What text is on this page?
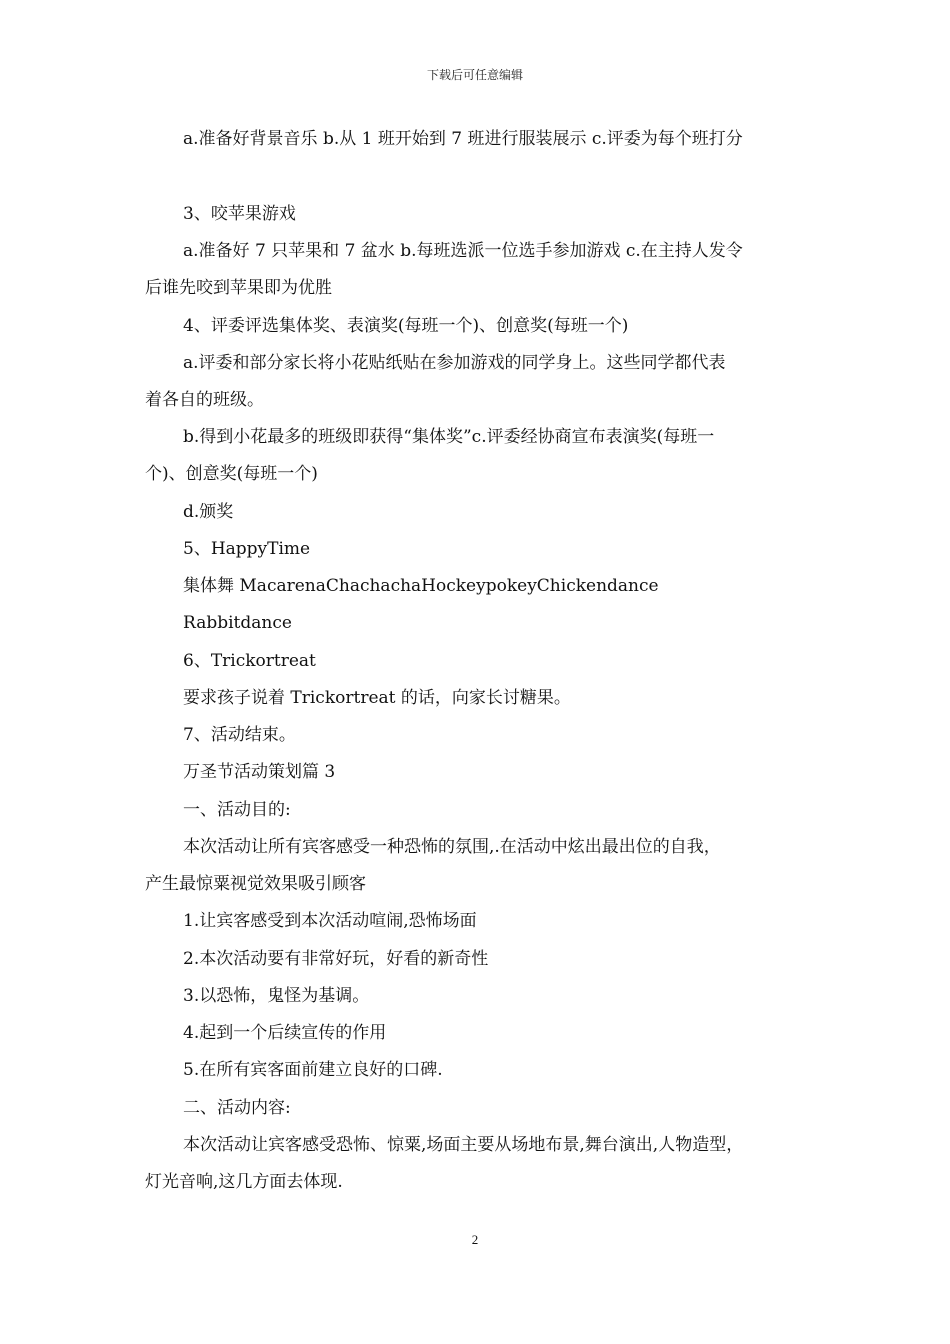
下载后可任意编辑
a.准备好背景音乐 b.从 1 班开始到 7 班进行服装展示 c.评委为每个班打分
3、咬苹果游戏
a.准备好 7 只苹果和 7 盆水 b.每班选派一位选手参加游戏 c.在主持人发令
后谁先咬到苹果即为优胜
4、评委评选集体奖、表演奖(每班一个)、创意奖(每班一个)
a.评委和部分家长将小花贴纸贴在参加游戏的同学身上。这些同学都代表
着各自的班级。
b.得到小花最多的班级即获得“集体奖”c.评委经协商宣布表演奖(每班一
个)、创意奖(每班一个)
d.颁奖
5、HappyTime
集体舞 MacarenaChachachaHockeypokeyChickendance
Rabbitdance
6、Trickortreat
要求孩子说着 Trickortreat 的话，向家长讨糖果。
7、活动结束。
万圣节活动策划篇 3
一、活动目的:
本次活动让所有宾客感受一种恐怖的氛围,.在活动中炫出最出位的自我，
产生最惊粟视觉效果吸引顾客
1.让宾客感受到本次活动喧闹,恐怖场面
2.本次活动要有非常好玩，好看的新奇性
3.以恐怖，鬼怪为基调。
4.起到一个后续宣传的作用
5.在所有宾客面前建立良好的口碑.
二、活动内容:
本次活动让宾客感受恐怖、惊粟,场面主要从场地布景,舞台演出,人物造型，
灯光音响,这几方面去体现.
2
